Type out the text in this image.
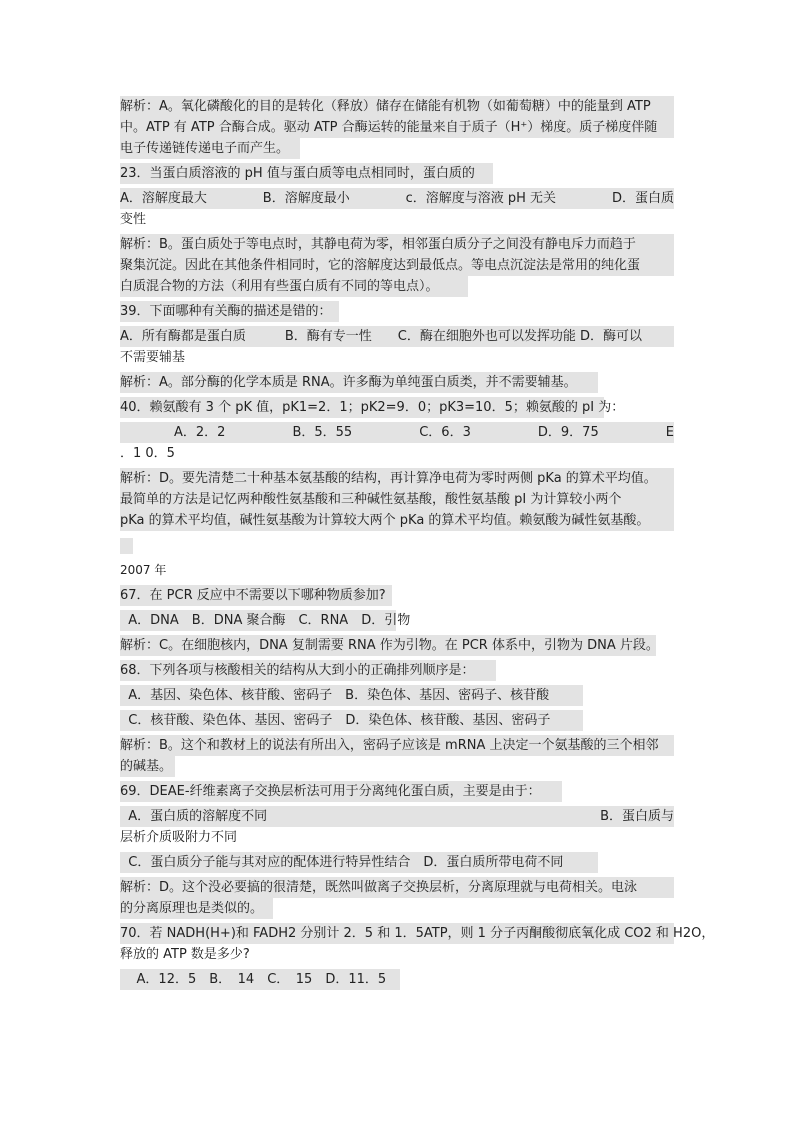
解析：A。氧化磷酸化的目的是转化（释放）储存在储能有机物（如葡萄糖）中的能量到 ATP
中。ATP 有 ATP 合酶合成。驱动 ATP 合酶运转的能量来自于质子（H⁺）梯度。质子梯度伴随
电子传递链传递电子而产生。
23．当蛋白质溶液的 pH 值与蛋白质等电点相同时，蛋白质的
A．溶解度最大	B．溶解度最小	c．溶解度与溶液 pH 无关	D．蛋白质
变性
解析：B。蛋白质处于等电点时，其静电荷为零，相邻蛋白质分子之间没有静电斥力而趋于
聚集沉淀。因此在其他条件相同时，它的溶解度达到最低点。等电点沉淀法是常用的纯化蛋
白质混合物的方法（利用有些蛋白质有不同的等电点）。
39．下面哪种有关酶的描述是错的：
A．所有酶都是蛋白质　　　B．酶有专一性　　C．酶在细胞外也可以发挥功能 D．酶可以
不需要辅基
解析：A。部分酶的化学本质是 RNA。许多酶为单纯蛋白质类，并不需要辅基。
40．赖氨酸有 3 个 pK 值，pK1=2．1；pK2=9．0；pK3=10．5；赖氨酸的 pI 为：
A．2．2	B．5．55	C．6．3	D．9．75	E
．1 0．5
解析：D。要先清楚二十种基本氨基酸的结构，再计算净电荷为零时两侧 pKa 的算术平均值。
最简单的方法是记忆两种酸性氨基酸和三种碱性氨基酸，酸性氨基酸 pI 为计算较小两个
pKa 的算术平均值，碱性氨基酸为计算较大两个 pKa 的算术平均值。赖氨酸为碱性氨基酸。
2007 年
67．在 PCR 反应中不需要以下哪种物质参加?
A．DNA　B．DNA 聚合酶　C．RNA　D．引物
解析：C。在细胞核内，DNA 复制需要 RNA 作为引物。在 PCR 体系中，引物为 DNA 片段。
68．下列各项与核酸相关的结构从大到小的正确排列顺序是：
A．基因、染色体、核苷酸、密码子　B．染色体、基因、密码子、核苷酸
C．核苷酸、染色体、基因、密码子　D．染色体、核苷酸、基因、密码子
解析：B。这个和教材上的说法有所出入，密码子应该是 mRNA 上决定一个氨基酸的三个相邻
的碱基。
69．DEAE-纤维素离子交换层析法可用于分离纯化蛋白质，主要是由于：
A．蛋白质的溶解度不同	B．蛋白质与
层析介质吸附力不同
C．蛋白质分子能与其对应的配体进行特异性结合　D．蛋白质所带电荷不同
解析：D。这个没必要搞的很清楚，既然叫做离子交换层析，分离原理就与电荷相关。电泳
的分离原理也是类似的。
70．若 NADH(H+)和 FADH2 分别计 2．5 和 1．5ATP，则 1 分子丙酮酸彻底氧化成 CO2 和 H2O，
释放的 ATP 数是多少?
A．12．5　B．　14　C．　15　D．11．5
